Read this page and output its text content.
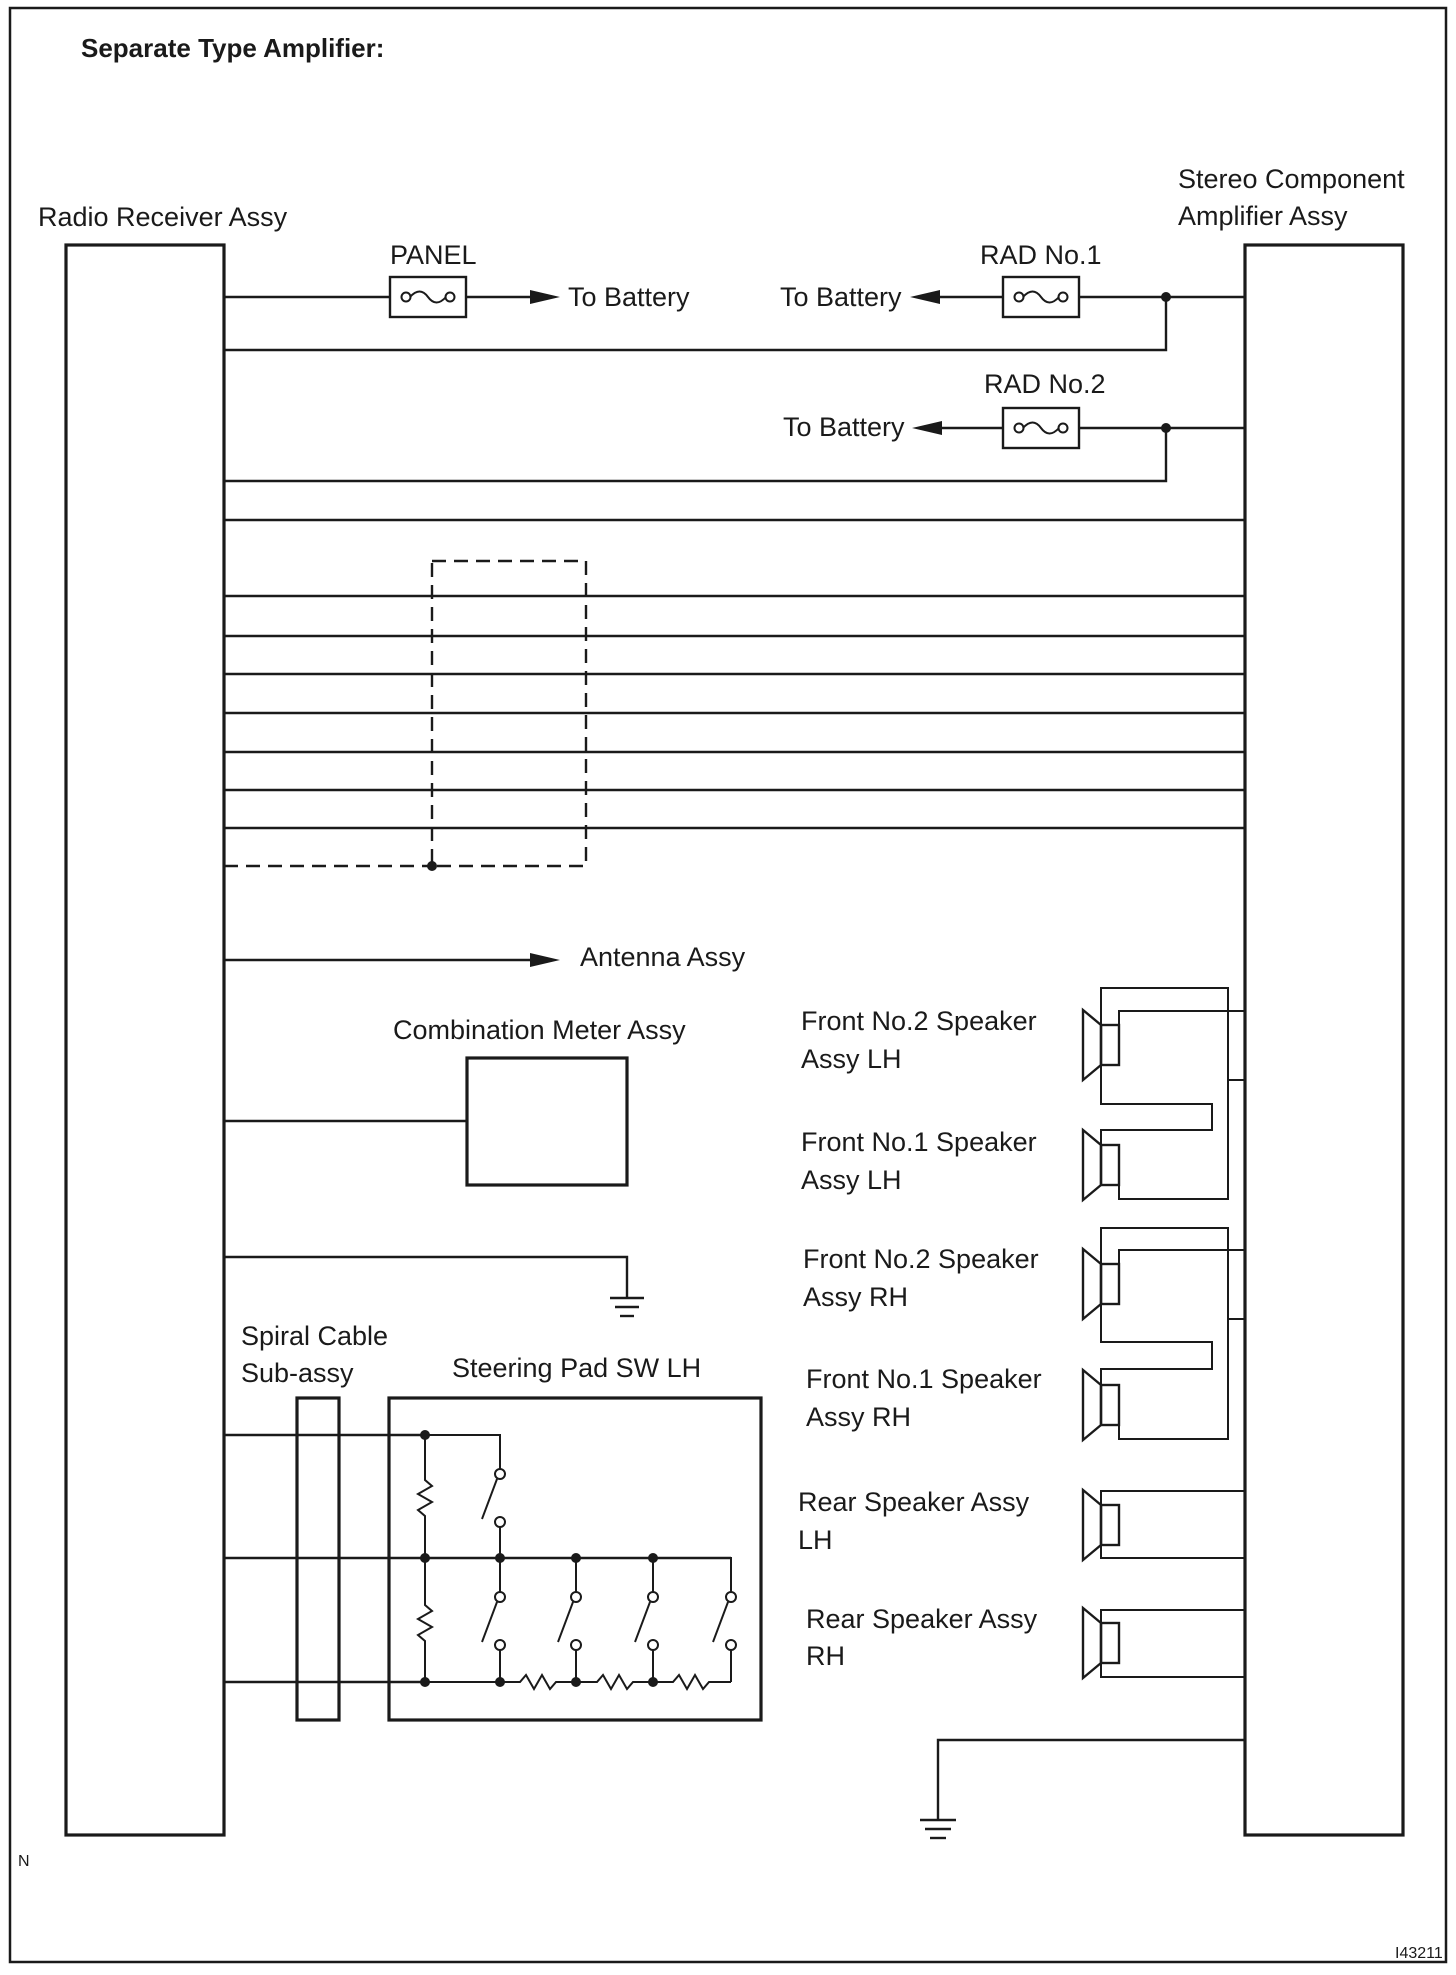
Separate Type Amplifier:
Radio Receiver Assy
Stereo Component
Amplifier Assy
PANEL
To Battery
RAD No.1
To Battery
RAD No.2
To Battery
Antenna Assy
Combination Meter Assy
Spiral Cable
Sub-assy	Steering Pad SW LH
Front No.2 Speaker
Assy LH
Front No.1 Speaker
Assy LH
Front No.2 Speaker
Assy RH
Front No.1 Speaker
Assy RH
Rear Speaker Assy
LH
Rear Speaker Assy
RH
N
I43211
